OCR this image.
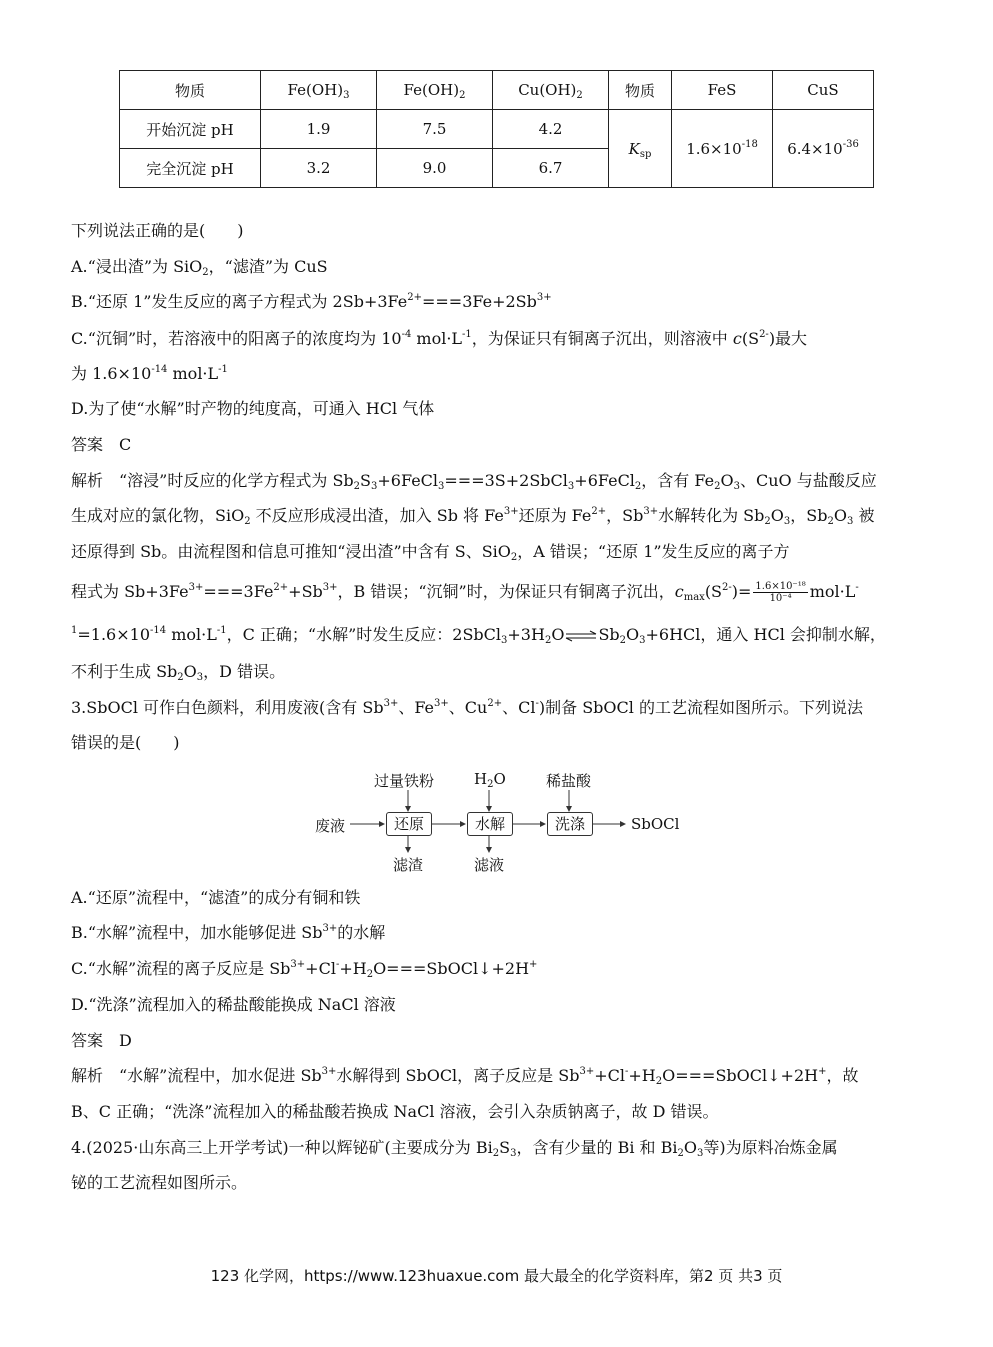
物质	$Fe(OH)_3$	$Fe(OH)_2$	$Cu(OH)_2$	物质	FeS	CuS
开始沉淀 pH	1.9	7.5	4.2	$K_{sp}$	$1.6\times 10^{-18}$	$6.4\times 10^{-36}$
完全沉淀 pH	3.2	9.0	6.7			
下列说法正确的是(　　)
A.“浸出渣”为 SiO$_2$，“滤渣”为 CuS
B.“还原 1”发生反应的离子方程式为 $2Sb+3Fe^{2+}===3Fe+2Sb^{3+}$
C.“沉铜”时，若溶液中的阳离子的浓度均为 $10^{-4}$ $mol\cdot L^{-1}$，为保证只有铜离子沉出，则溶液中 $c(S^{2-})$最大
为 $1.6\times 10^{-14}$ $mol\cdot L^{-1}$
D.为了使“水解”时产物的纯度高，可通入 HCl 气体
答案　C
解析　“溶浸”时反应的化学方程式为 $Sb_2S_3+6FeCl_3===3S+2SbCl_3+6FeCl_2$，含有 $Fe_2O_3$、CuO 与盐酸反应
生成对应的氯化物，SiO$_2$ 不反应形成浸出渣，加入 Sb 将 $Fe^{3+}$还原为 $Fe^{2+}$，$Sb^{3+}$水解转化为 $Sb_2O_3$，$Sb_2O_3$ 被
还原得到 Sb。由流程图和信息可推知“浸出渣”中含有 S、SiO$_2$，A 错误；“还原 1”发生反应的离子方
程式为 $Sb+3Fe^{3+}===3Fe^{2+}+Sb^{3+}$，B 错误；“沉铜”时，为保证只有铜离子沉出，$c_{max}(S^{2-})= \frac{\text{1.6×10⁻¹⁸}}{\text{10⁻⁴}} mol\cdot L^-$
$^1=1.6\times 10^{-14}$ $mol\cdot L^{-1}$，C 正确；“水解”时发生反应：$2SbCl_3+3H_2O\rightleftharpoons Sb_2O_3+6HCl$，通入 HCl 会抑制水解，
不利于生成 $Sb_2O_3$，D 错误。
3.SbOCl 可作白色颜料，利用废液(含有 $Sb^{3+}$、$Fe^{3+}$、$Cu^{2+}$、Cl-)制备 SbOCl 的工艺流程如图所示。下列说法
错误的是(　　)
废液	还原	水解	洗涤	SbOCl
过量铁粉	$H_2O$	稀盐酸
滤渣	滤液
A.“还原”流程中，“滤渣”的成分有铜和铁
B.“水解”流程中，加水能够促进 $Sb^{3+}$的水解
C.“水解”流程的离子反应是 $Sb^{3+}+Cl^-+H_2O===SbOCl↓+2H^+$
D.“洗涤”流程加入的稀盐酸能换成 NaCl 溶液
答案　D
解析　“水解”流程中，加水促进 $Sb^{3+}$水解得到 SbOCl，离子反应是 $Sb^{3+}+Cl^-+H_2O===SbOCl↓+2H^+$，故
B、C 正确；“洗涤”流程加入的稀盐酸若换成 NaCl 溶液，会引入杂质钠离子，故 D 错误。
4.(2025·山东高三上开学考试)一种以辉铋矿(主要成分为 $Bi_2S_3$，含有少量的 Bi 和 $Bi_2O_3$等)为原料冶炼金属
铋的工艺流程如图所示。
123 化学网，https://www.123huaxue.com 最大最全的化学资料库，第2 页 共3 页
